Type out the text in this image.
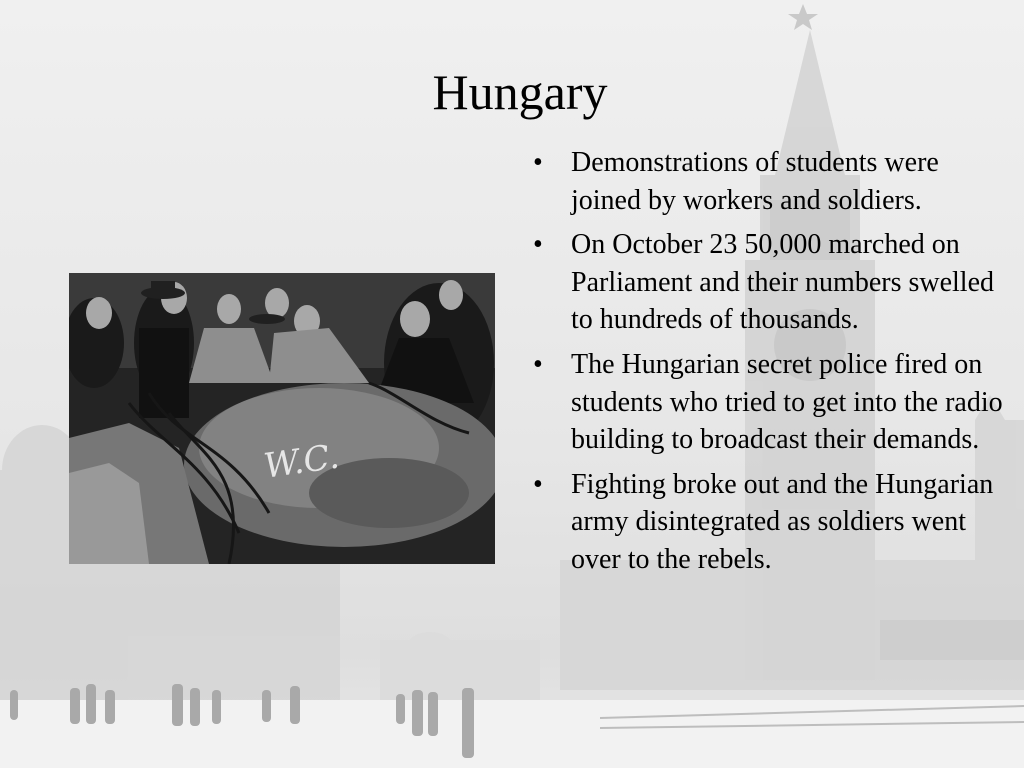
Hungary
W.C.
• Demonstrations of students were joined by workers and soldiers.
• On October 23 50,000 marched on Parliament and their numbers swelled to hundreds of thousands.
• The Hungarian secret police fired on students who tried to get into the radio building to broadcast their demands.
• Fighting broke out and the Hungarian army disintegrated as soldiers went over to the rebels.
